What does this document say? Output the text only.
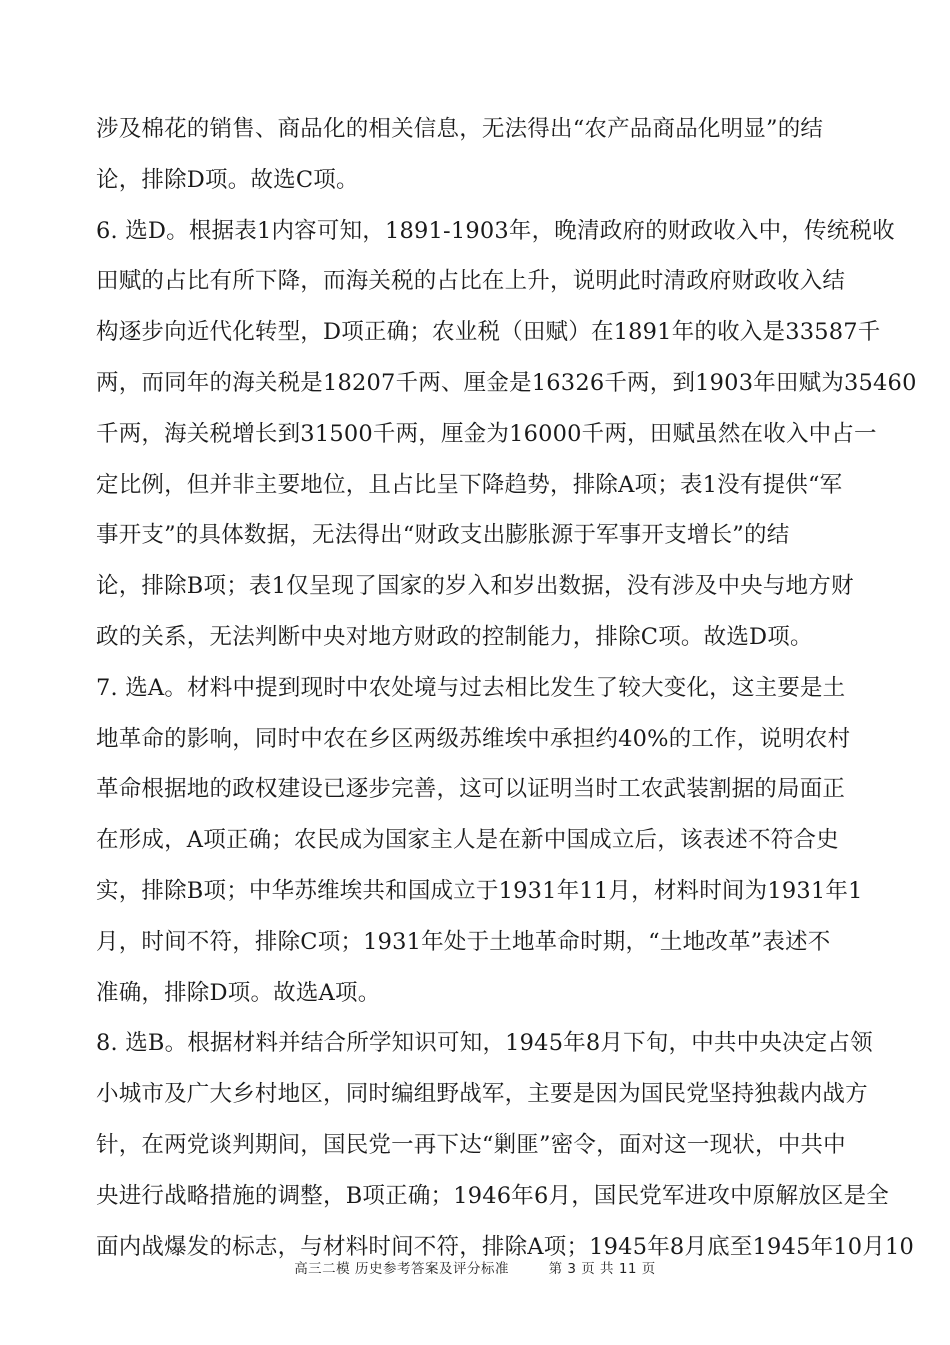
涉及棉花的销售、商品化的相关信息，无法得出“农产品商品化明显”的结
论，排除D项。故选C项。
6. 选D。根据表1内容可知，1891-1903年，晚清政府的财政收入中，传统税收
田赋的占比有所下降，而海关税的占比在上升，说明此时清政府财政收入结
构逐步向近代化转型，D项正确；农业税（田赋）在1891年的收入是33587千
两，而同年的海关税是18207千两、厘金是16326千两，到1903年田赋为35460
千两，海关税增长到31500千两，厘金为16000千两，田赋虽然在收入中占一
定比例，但并非主要地位，且占比呈下降趋势，排除A项；表1没有提供“军
事开支”的具体数据，无法得出“财政支出膨胀源于军事开支增长”的结
论，排除B项；表1仅呈现了国家的岁入和岁出数据，没有涉及中央与地方财
政的关系，无法判断中央对地方财政的控制能力，排除C项。故选D项。
7. 选A。材料中提到现时中农处境与过去相比发生了较大变化，这主要是土
地革命的影响，同时中农在乡区两级苏维埃中承担约40%的工作，说明农村
革命根据地的政权建设已逐步完善，这可以证明当时工农武装割据的局面正
在形成，A项正确；农民成为国家主人是在新中国成立后，该表述不符合史
实，排除B项；中华苏维埃共和国成立于1931年11月，材料时间为1931年1
月，时间不符，排除C项；1931年处于土地革命时期，“土地改革”表述不
准确，排除D项。故选A项。
8. 选B。根据材料并结合所学知识可知，1945年8月下旬，中共中央决定占领
小城市及广大乡村地区，同时编组野战军，主要是因为国民党坚持独裁内战方
针，在两党谈判期间，国民党一再下达“剿匪”密令，面对这一现状，中共中
央进行战略措施的调整，B项正确；1946年6月，国民党军进攻中原解放区是全
面内战爆发的标志，与材料时间不符，排除A项；1945年8月底至1945年10月10
高三二模 历史参考答案及评分标准	第 3 页 共 11 页
